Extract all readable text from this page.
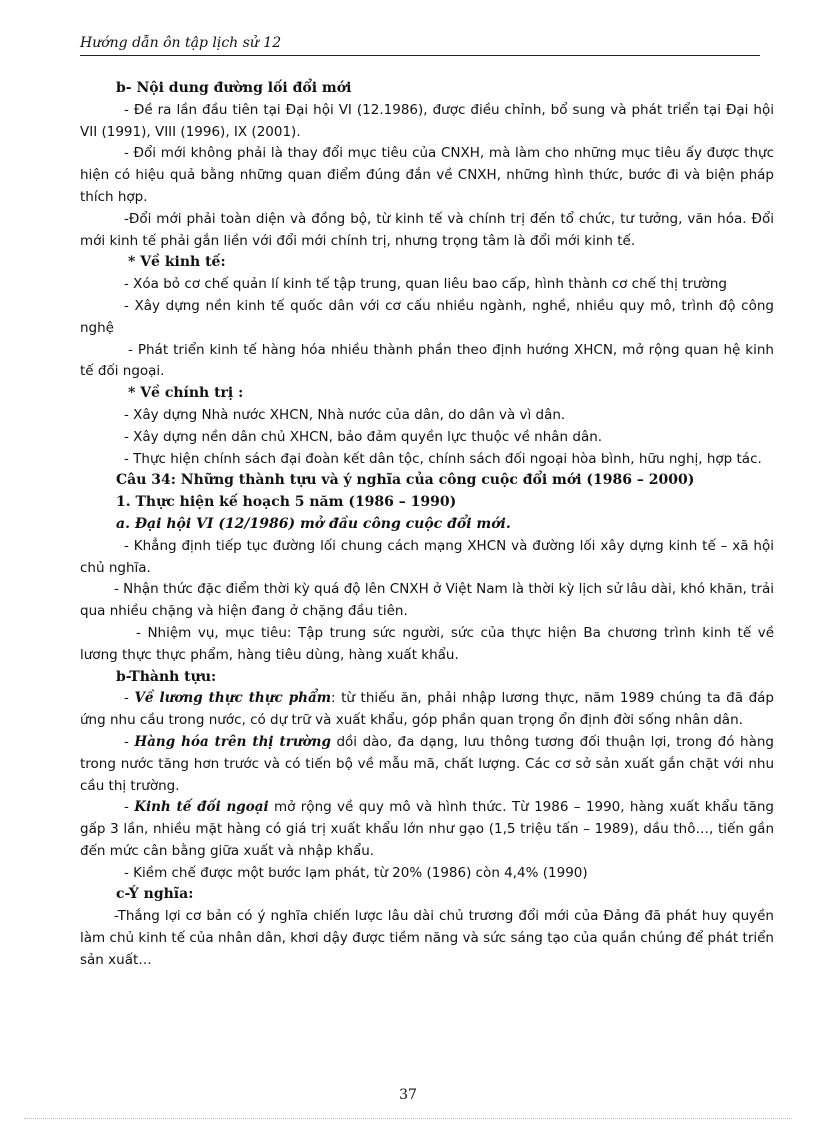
Hướng dẫn ôn tập lịch sử 12

b- Nội dung đường lối đổi mới

- Đề ra lần đầu tiên tại Đại hội VI (12.1986), được điều chỉnh, bổ sung và phát triển tại Đại hội VII (1991), VIII (1996), IX (2001).

- Đổi mới không phải là thay đổi mục tiêu của CNXH, mà làm cho những mục tiêu ấy được thực hiện có hiệu quả bằng những quan điểm đúng đắn về CNXH, những hình thức, bước đi và biện pháp thích hợp.

-Đổi mới phải toàn diện và đồng bộ, từ kinh tế và chính trị đến tổ chức, tư tưởng, văn hóa. Đổi mới kinh tế phải gắn liền với đổi mới chính trị, nhưng trọng tâm là đổi mới kinh tế.

* Về kinh tế:

- Xóa bỏ cơ chế quản lí kinh tế tập trung, quan liêu bao cấp, hình thành cơ chế thị trường

- Xây dựng nền kinh tế quốc dân với cơ cấu nhiều ngành, nghề, nhiều quy mô, trình độ công nghệ

- Phát triển kinh tế hàng hóa nhiều thành phần theo định hướng XHCN, mở rộng quan hệ kinh tế đối ngoại.

* Về chính trị :

- Xây dựng Nhà nước XHCN, Nhà nước của dân, do dân và vì dân.

- Xây dựng nền dân chủ XHCN, bảo đảm quyền lực thuộc về nhân dân.

- Thực hiện chính sách đại đoàn kết dân tộc, chính sách đối ngoại hòa bình, hữu nghị, hợp tác.

Câu 34: Những thành tựu và ý nghĩa của công cuộc đổi mới (1986 – 2000)

1. Thực hiện kế hoạch 5 năm (1986 – 1990)

a. Đại hội VI (12/1986) mở đầu công cuộc đổi mới.

- Khẳng định tiếp tục đường lối chung cách mạng XHCN và đường lối xây dựng kinh tế – xã hội chủ nghĩa.

- Nhận thức đặc điểm thời kỳ quá độ lên CNXH ở Việt Nam là thời kỳ lịch sử lâu dài, khó khăn, trải qua nhiều chặng và hiện đang ở chặng đầu tiên.

- Nhiệm vụ, mục tiêu: Tập trung sức người, sức của thực hiện Ba chương trình kinh tế về lương thực thực phẩm, hàng tiêu dùng, hàng xuất khẩu.

b-Thành tựu:

- Về lương thực thực phẩm: từ thiếu ăn, phải nhập lương thực, năm 1989 chúng ta đã đáp ứng nhu cầu trong nước, có dự trữ và xuất khẩu, góp phần quan trọng ổn định đời sống nhân dân.

- Hàng hóa trên thị trường dồi dào, đa dạng, lưu thông tương đối thuận lợi, trong đó hàng trong nước tăng hơn trước và có tiến bộ về mẫu mã, chất lượng. Các cơ sở sản xuất gắn chặt với nhu cầu thị trường.

- Kinh tế đối ngoại mở rộng về quy mô và hình thức. Từ 1986 – 1990, hàng xuất khẩu tăng gấp 3 lần, nhiều mặt hàng có giá trị xuất khẩu lớn như gạo (1,5 triệu tấn – 1989), dầu thô…, tiến gần đến mức cân bằng giữa xuất và nhập khẩu.

- Kiềm chế được một bước lạm phát, từ 20% (1986) còn 4,4% (1990)

c-Ý nghĩa:

-Thắng lợi cơ bản có ý nghĩa chiến lược lâu dài chủ trương đổi mới của Đảng đã phát huy quyền làm chủ kinh tế của nhân dân, khơi dậy được tiềm năng và sức sáng tạo của quần chúng để phát triển sản xuất…

37
